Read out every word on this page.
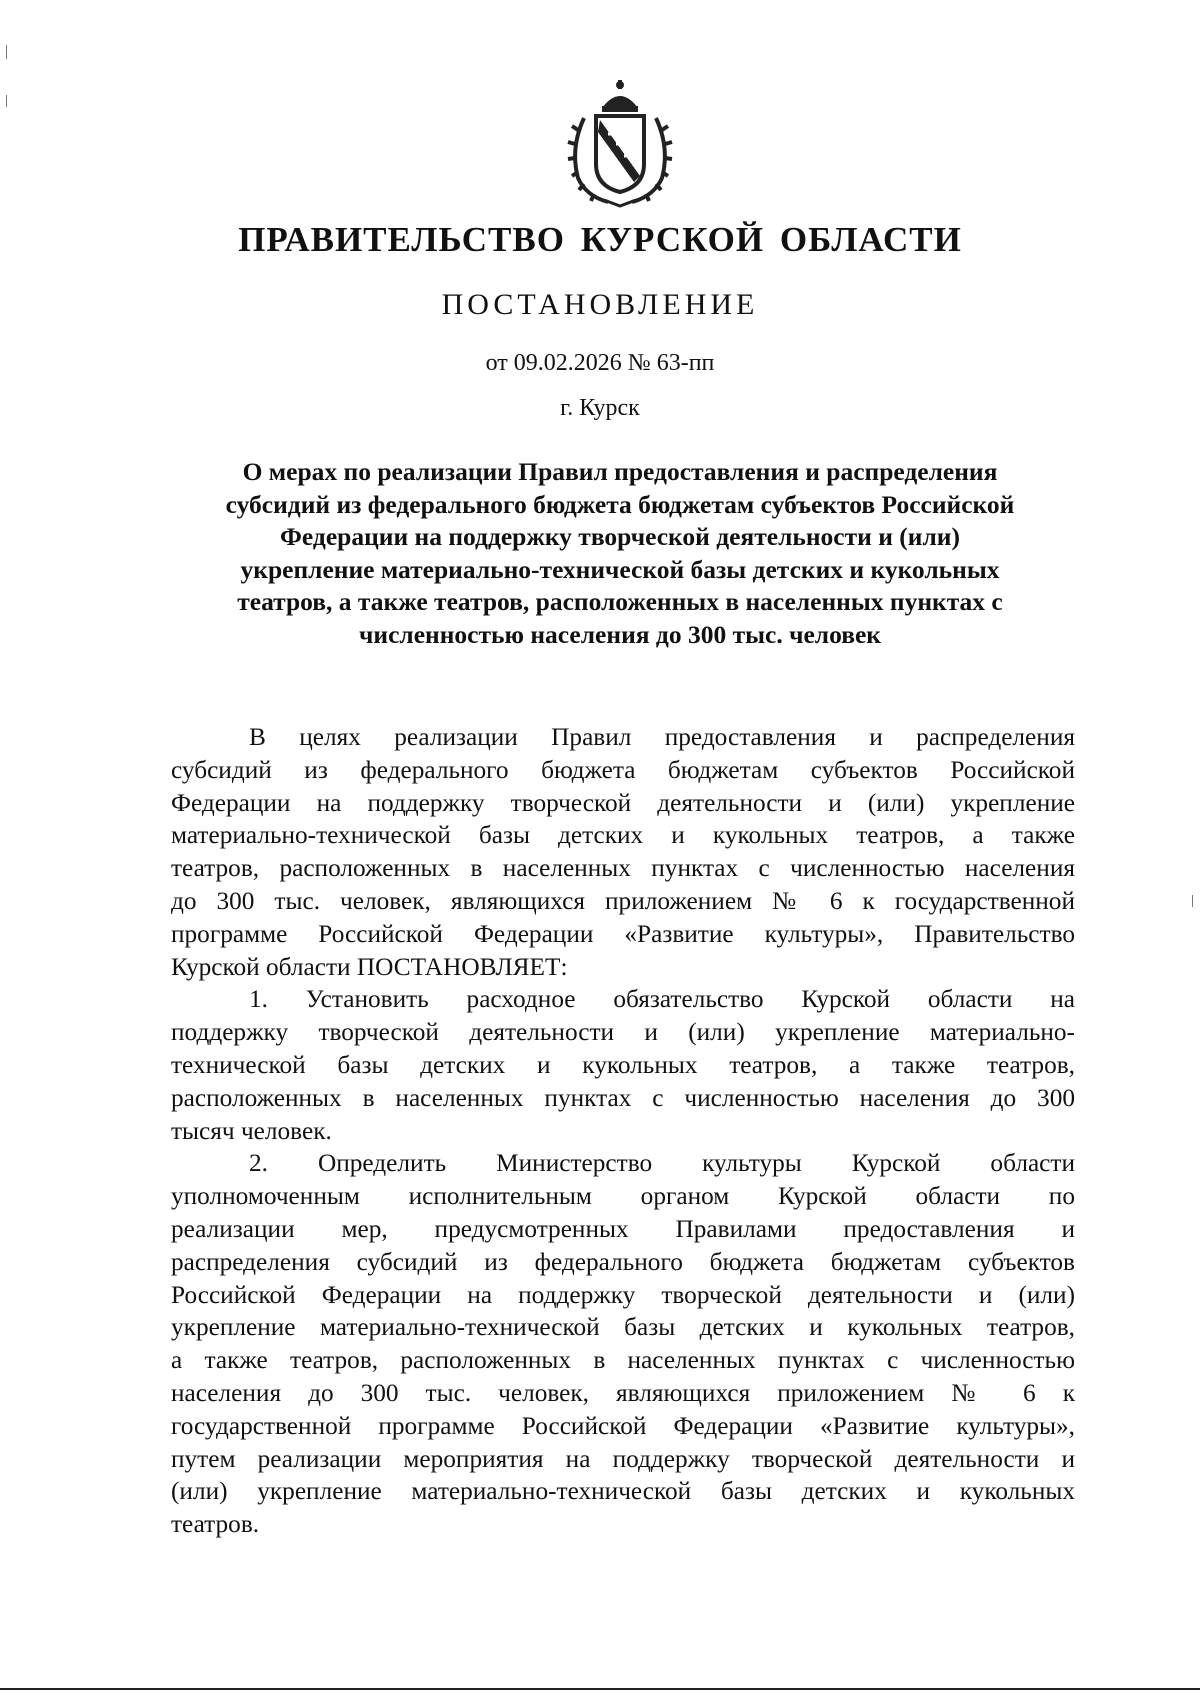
ПРАВИТЕЛЬСТВО КУРСКОЙ ОБЛАСТИ
ПОСТАНОВЛЕНИЕ
от 09.02.2026 № 63-пп
г. Курск
О мерах по реализации Правил предоставления и распределения
субсидий из федерального бюджета бюджетам субъектов Российской
Федерации на поддержку творческой деятельности и (или)
укрепление материально-технической базы детских и кукольных
театров, а также театров, расположенных в населенных пунктах с
численностью населения до 300 тыс. человек
В целях реализации Правил предоставления и распределения
субсидий из федерального бюджета бюджетам субъектов Российской
Федерации на поддержку творческой деятельности и (или) укрепление
материально-технической базы детских и кукольных театров, а также
театров, расположенных в населенных пунктах с численностью населения
до 300 тыс. человек, являющихся приложением № 6 к государственной
программе Российской Федерации «Развитие культуры», Правительство
Курской области ПОСТАНОВЛЯЕТ:
1. Установить расходное обязательство Курской области на
поддержку творческой деятельности и (или) укрепление материально-
технической базы детских и кукольных театров, а также театров,
расположенных в населенных пунктах с численностью населения до 300
тысяч человек.
2. Определить Министерство культуры Курской области
уполномоченным исполнительным органом Курской области по
реализации мер, предусмотренных Правилами предоставления и
распределения субсидий из федерального бюджета бюджетам субъектов
Российской Федерации на поддержку творческой деятельности и (или)
укрепление материально-технической базы детских и кукольных театров,
а также театров, расположенных в населенных пунктах с численностью
населения до 300 тыс. человек, являющихся приложением № 6 к
государственной программе Российской Федерации «Развитие культуры»,
путем реализации мероприятия на поддержку творческой деятельности и
(или) укрепление материально-технической базы детских и кукольных
театров.
